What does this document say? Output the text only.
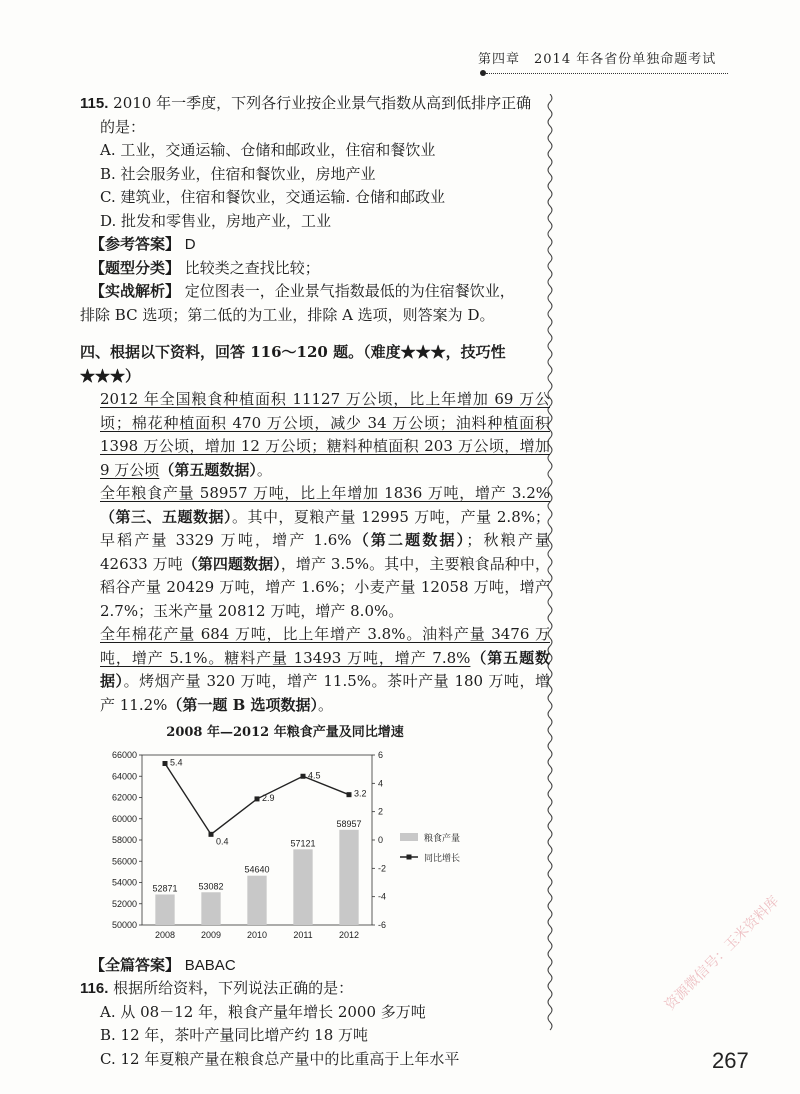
第四章　2014 年各省份单独命题考试

115. 2010 年一季度，下列各行业按企业景气指数从高到低排序正确

的是：

A. 工业，交通运输、仓储和邮政业，住宿和餐饮业

B. 社会服务业，住宿和餐饮业，房地产业

C. 建筑业，住宿和餐饮业，交通运输. 仓储和邮政业

D. 批发和零售业，房地产业，工业

【参考答案】 D

【题型分类】 比较类之查找比较；

【实战解析】 定位图表一，企业景气指数最低的为住宿餐饮业，

排除 BC 选项；第二低的为工业，排除 A 选项，则答案为 D。

四、根据以下资料，回答 116～120 题。（难度★★★，技巧性★★★）

2012 年全国粮食种植面积 11127 万公顷，比上年增加 69 万公顷；棉花种植面积 470 万公顷，减少 34 万公顷；油料种植面积 1398 万公顷，增加 12 万公顷；糖料种植面积 203 万公顷，增加 9 万公顷（第五题数据）。

全年粮食产量 58957 万吨，比上年增加 1836 万吨，增产 3.2%（第三、五题数据）。其中，夏粮产量 12995 万吨，产量 2.8%；早稻产量 3329 万吨，增产 1.6%（第二题数据）；秋粮产量 42633 万吨（第四题数据），增产 3.5%。其中，主要粮食品种中，稻谷产量 20429 万吨，增产 1.6%；小麦产量 12058 万吨，增产 2.7%；玉米产量 20812 万吨，增产 8.0%。

全年棉花产量 684 万吨，比上年增产 3.8%。油料产量 3476 万吨，增产 5.1%。糖料产量 13493 万吨，增产 7.8%（第五题数据）。烤烟产量 320 万吨，增产 11.5%。茶叶产量 180 万吨，增产 11.2%（第一题 B 选项数据）。

2008 年—2012 年粮食产量及同比增速
50000
52000
54000
56000
58000
60000
62000
64000
66000
-6
-4
-2
0
2
4
6
52871 53082
54640
57121
58957
5.4
0.4
2.9
4.5
3.2
2008	2009	2010	2011	2012
粮食产量
同比增长

【全篇答案】 BABAC

116. 根据所给资料，下列说法正确的是：

A. 从 08－12 年，粮食产量年增长 2000 多万吨

B. 12 年，茶叶产量同比增产约 18 万吨

C. 12 年夏粮产量在粮食总产量中的比重高于上年水平	267
资源微信号：玉米资料库
